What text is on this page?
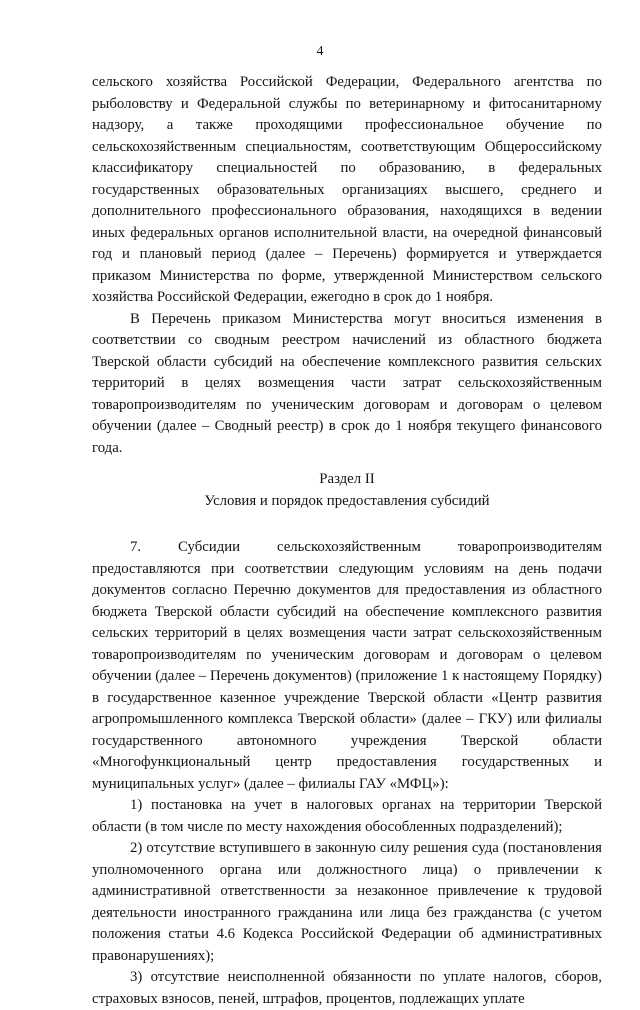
4

сельского хозяйства Российской Федерации, Федерального агентства по рыболовству и Федеральной службы по ветеринарному и фитосанитарному надзору, а также проходящими профессиональное обучение по сельскохозяйственным специальностям, соответствующим Общероссийскому классификатору специальностей по образованию, в федеральных государственных образовательных организациях высшего, среднего и дополнительного профессионального образования, находящихся в ведении иных федеральных органов исполнительной власти, на очередной финансовый год и плановый период (далее – Перечень) формируется и утверждается приказом Министерства по форме, утвержденной Министерством сельского хозяйства Российской Федерации, ежегодно в срок до 1 ноября.

В Перечень приказом Министерства могут вноситься изменения в соответствии со сводным реестром начислений из областного бюджета Тверской области субсидий на обеспечение комплексного развития сельских территорий в целях возмещения части затрат сельскохозяйственным товаропроизводителям по ученическим договорам и договорам о целевом обучении (далее – Сводный реестр) в срок до 1 ноября текущего финансового года.

Раздел II

Условия и порядок предоставления субсидий

7. Субсидии сельскохозяйственным товаропроизводителям предоставляются при соответствии следующим условиям на день подачи документов согласно Перечню документов для предоставления из областного бюджета Тверской области субсидий на обеспечение комплексного развития сельских территорий в целях возмещения части затрат сельскохозяйственным товаропроизводителям по ученическим договорам и договорам о целевом обучении (далее – Перечень документов) (приложение 1 к настоящему Порядку) в государственное казенное учреждение Тверской области «Центр развития агропромышленного комплекса Тверской области» (далее – ГКУ) или филиалы государственного автономного учреждения Тверской области «Многофункциональный центр предоставления государственных и муниципальных услуг» (далее – филиалы ГАУ «МФЦ»):

1) постановка на учет в налоговых органах на территории Тверской области (в том числе по месту нахождения обособленных подразделений);

2) отсутствие вступившего в законную силу решения суда (постановления уполномоченного органа или должностного лица) о привлечении к административной ответственности за незаконное привлечение к трудовой деятельности иностранного гражданина или лица без гражданства (с учетом положения статьи 4.6 Кодекса Российской Федерации об административных правонарушениях);

3) отсутствие неисполненной обязанности по уплате налогов, сборов, страховых взносов, пеней, штрафов, процентов, подлежащих уплате
